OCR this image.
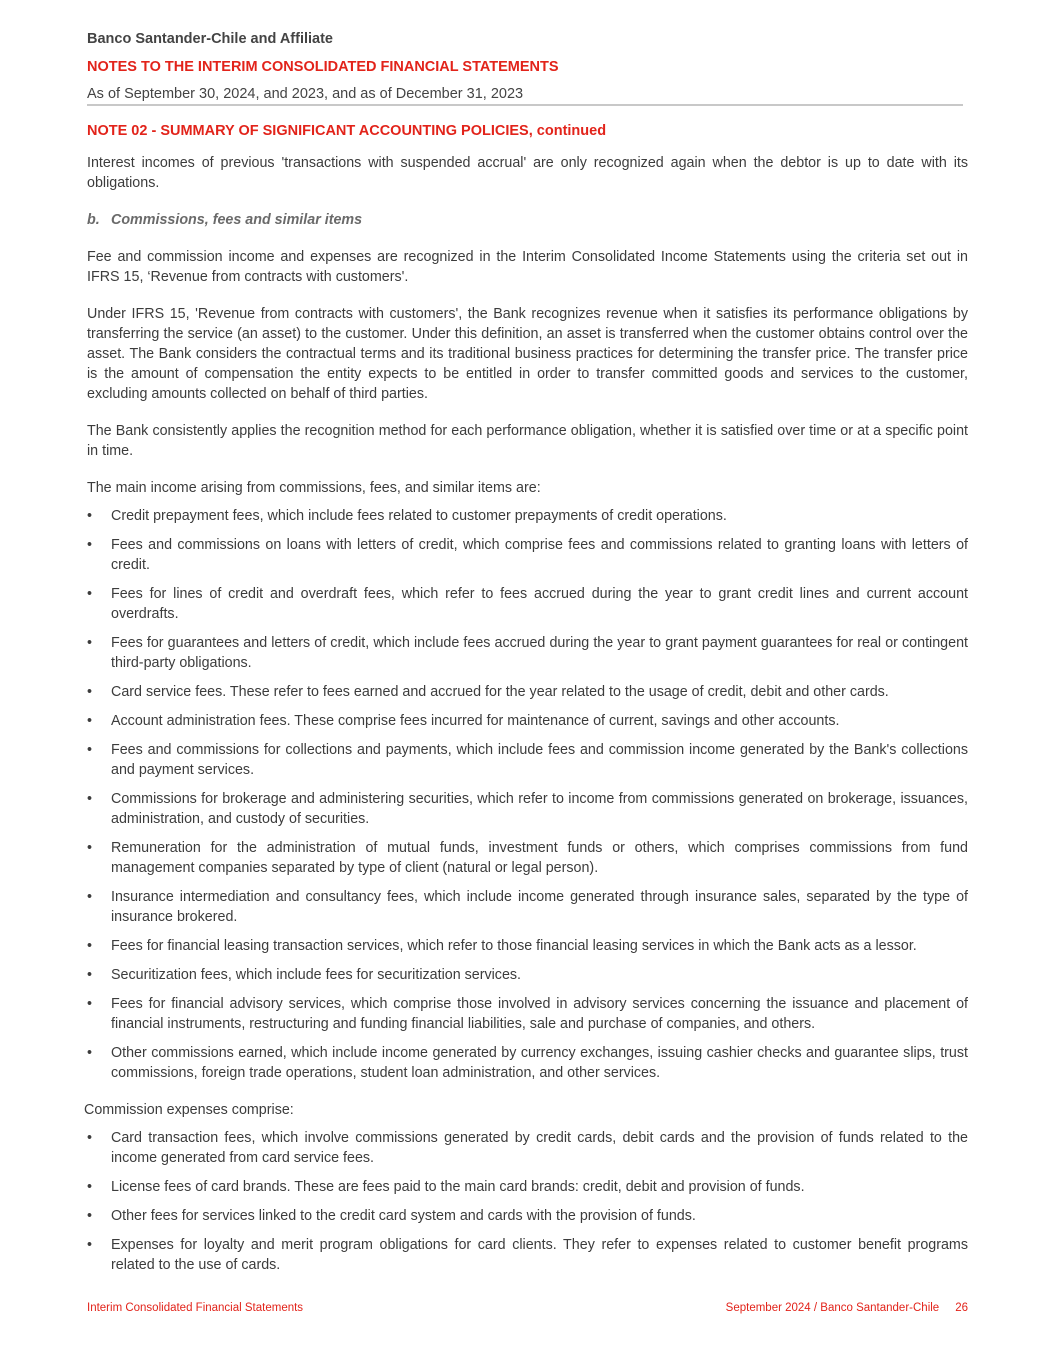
Banco Santander-Chile and Affiliate
NOTES TO THE INTERIM CONSOLIDATED FINANCIAL STATEMENTS
As of September 30, 2024, and 2023, and as of December 31, 2023
NOTE 02 - SUMMARY OF SIGNIFICANT ACCOUNTING POLICIES, continued

Interest incomes of previous 'transactions with suspended accrual' are only recognized again when the debtor is up to date with its obligations.

b. Commissions, fees and similar items

Fee and commission income and expenses are recognized in the Interim Consolidated Income Statements using the criteria set out in IFRS 15, ‘Revenue from contracts with customers'.

Under IFRS 15, 'Revenue from contracts with customers', the Bank recognizes revenue when it satisfies its performance obligations by transferring the service (an asset) to the customer. Under this definition, an asset is transferred when the customer obtains control over the asset. The Bank considers the contractual terms and its traditional business practices for determining the transfer price. The transfer price is the amount of compensation the entity expects to be entitled in order to transfer committed goods and services to the customer, excluding amounts collected on behalf of third parties.

The Bank consistently applies the recognition method for each performance obligation, whether it is satisfied over time or at a specific point in time.

The main income arising from commissions, fees, and similar items are:

• Credit prepayment fees, which include fees related to customer prepayments of credit operations.
• Fees and commissions on loans with letters of credit, which comprise fees and commissions related to granting loans with letters of credit.
• Fees for lines of credit and overdraft fees, which refer to fees accrued during the year to grant credit lines and current account overdrafts.
• Fees for guarantees and letters of credit, which include fees accrued during the year to grant payment guarantees for real or contingent third-party obligations.
• Card service fees. These refer to fees earned and accrued for the year related to the usage of credit, debit and other cards.
• Account administration fees. These comprise fees incurred for maintenance of current, savings and other accounts.
• Fees and commissions for collections and payments, which include fees and commission income generated by the Bank's collections and payment services.
• Commissions for brokerage and administering securities, which refer to income from commissions generated on brokerage, issuances, administration, and custody of securities.
• Remuneration for the administration of mutual funds, investment funds or others, which comprises commissions from fund management companies separated by type of client (natural or legal person).
• Insurance intermediation and consultancy fees, which include income generated through insurance sales, separated by the type of insurance brokered.
• Fees for financial leasing transaction services, which refer to those financial leasing services in which the Bank acts as a lessor.
• Securitization fees, which include fees for securitization services.
• Fees for financial advisory services, which comprise those involved in advisory services concerning the issuance and placement of financial instruments, restructuring and funding financial liabilities, sale and purchase of companies, and others.
• Other commissions earned, which include income generated by currency exchanges, issuing cashier checks and guarantee slips, trust commissions, foreign trade operations, student loan administration, and other services.

Commission expenses comprise:

• Card transaction fees, which involve commissions generated by credit cards, debit cards and the provision of funds related to the income generated from card service fees.
• License fees of card brands. These are fees paid to the main card brands: credit, debit and provision of funds.
• Other fees for services linked to the credit card system and cards with the provision of funds.
• Expenses for loyalty and merit program obligations for card clients. They refer to expenses related to customer benefit programs related to the use of cards.
Interim Consolidated Financial Statements	September 2024 / Banco Santander-Chile 26
